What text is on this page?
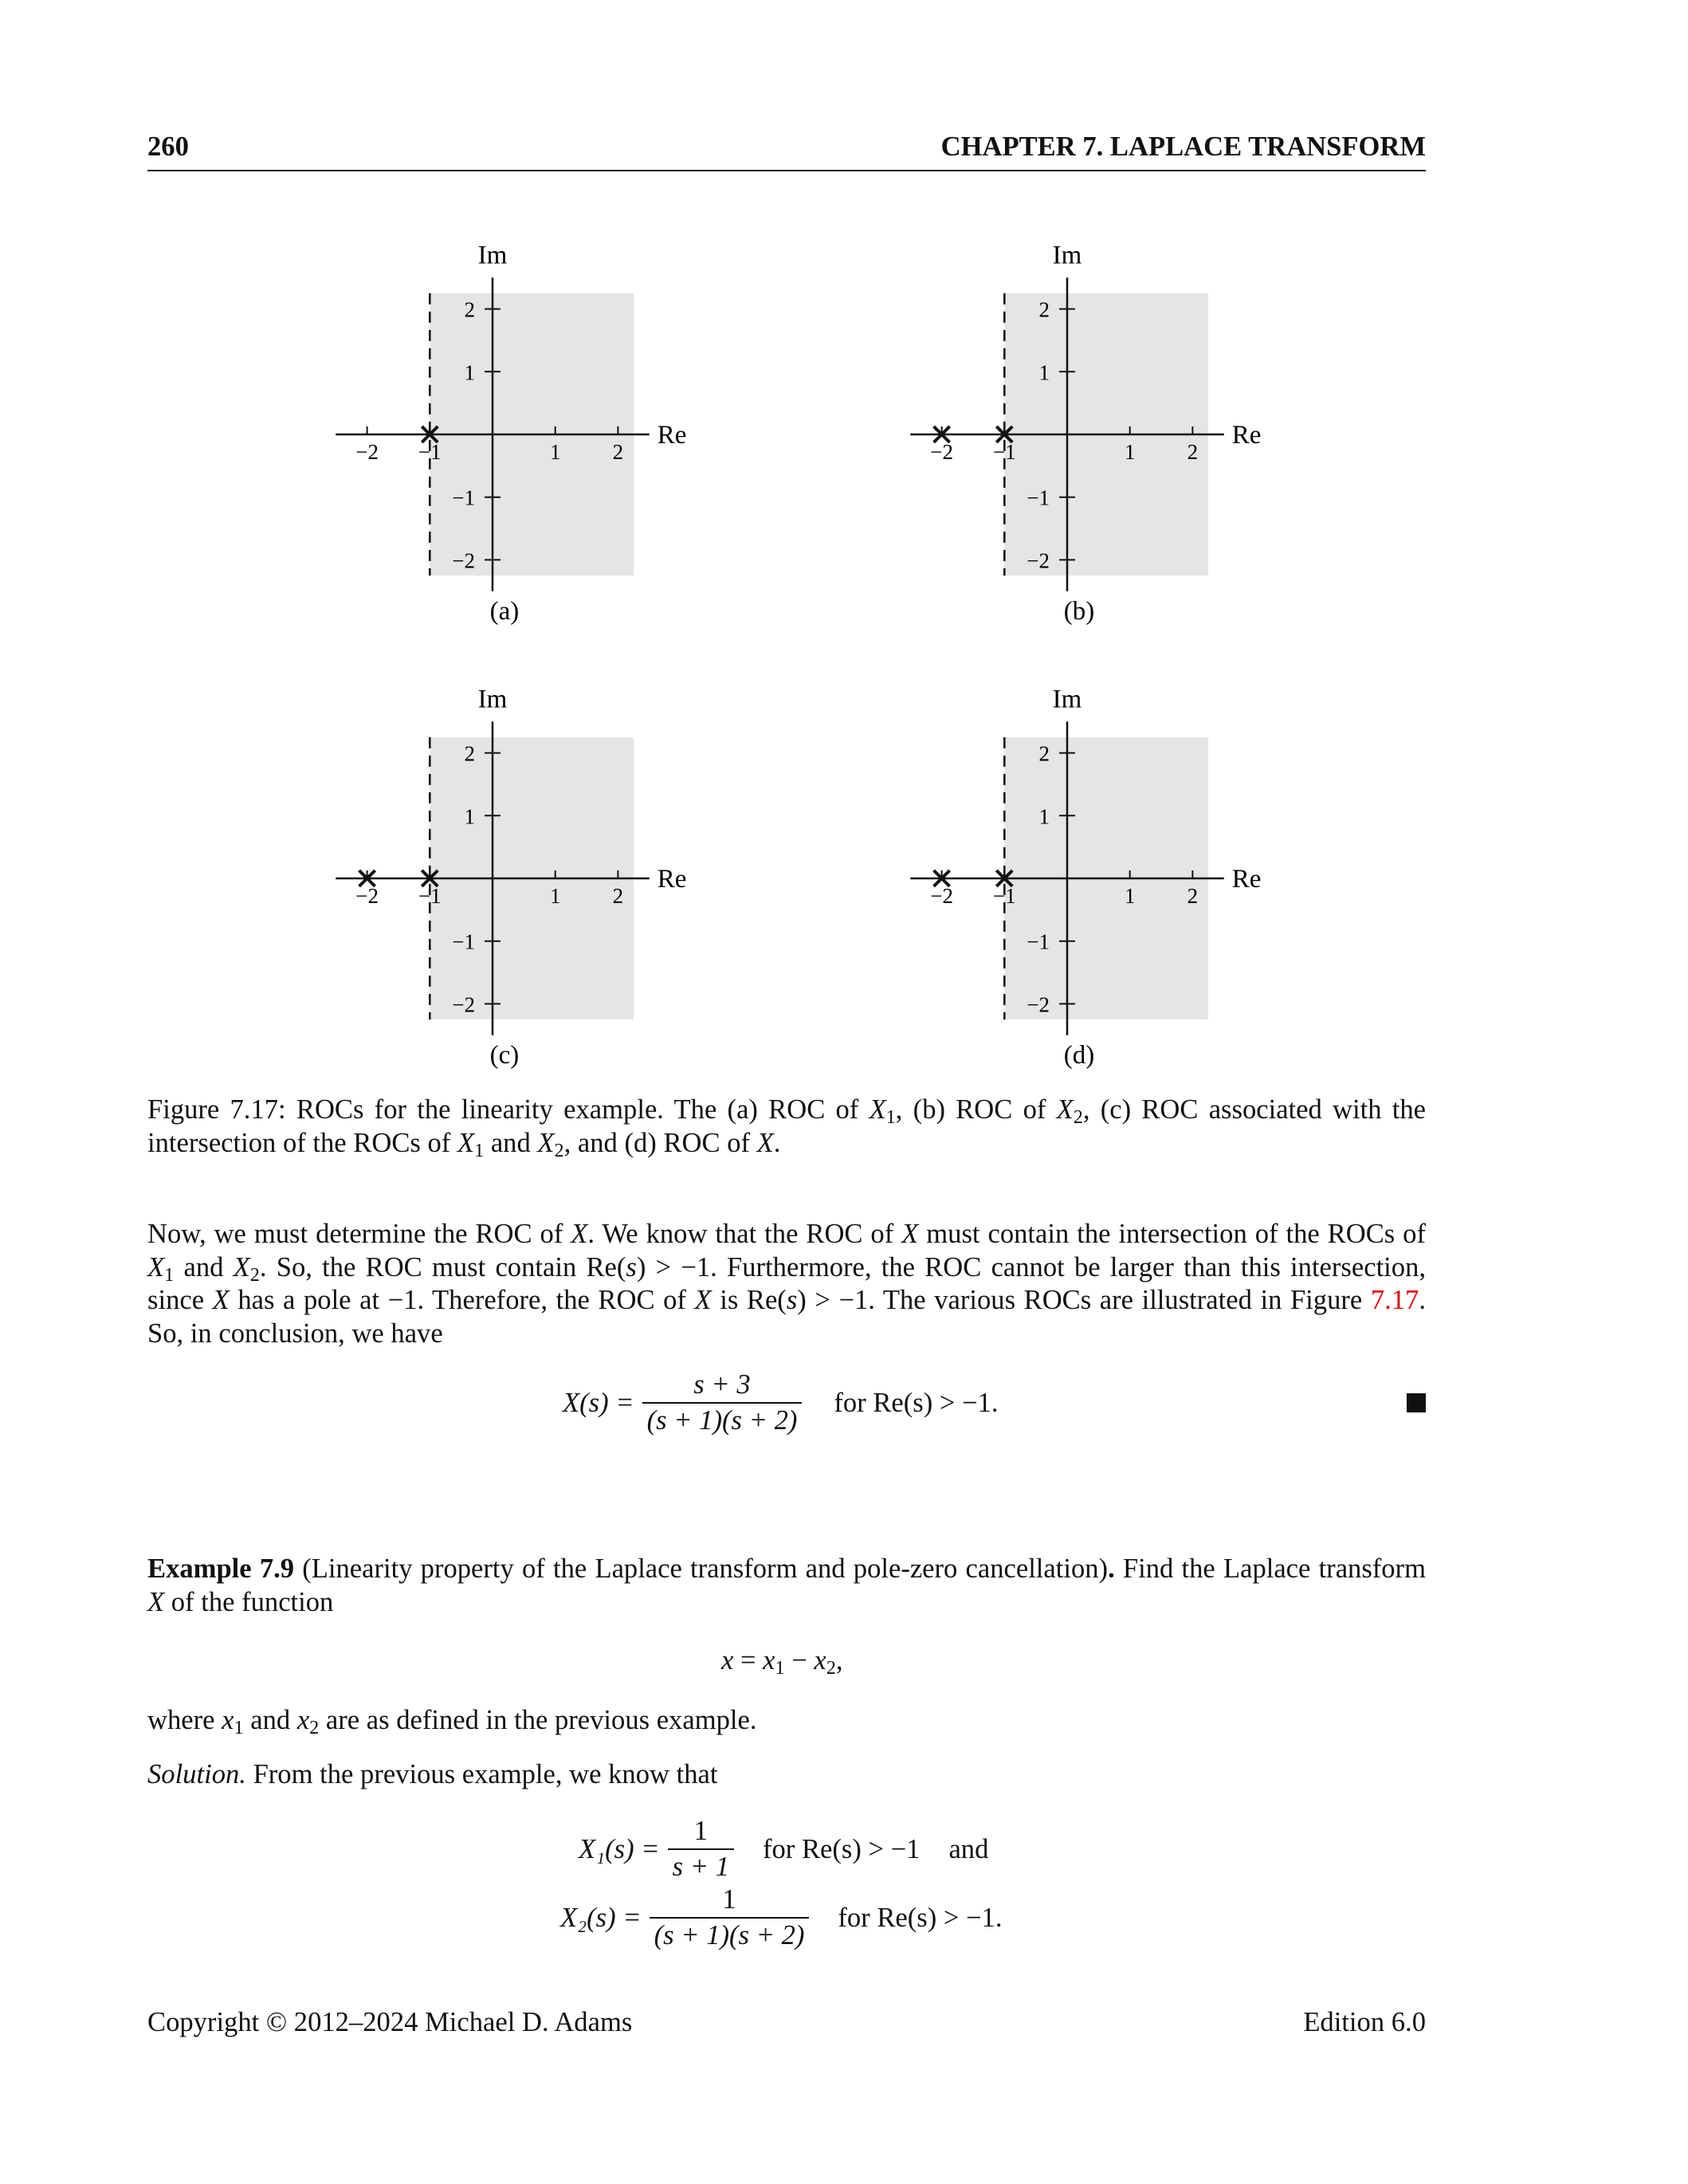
260	CHAPTER 7. LAPLACE TRANSFORM
−2 −1	1 2
2
1
−1
−2
Re
Im
(a)
−2 −1	1 2
2
1
−1
−2
Re
Im
(b)
−2 −1	1 2
2
1
−1
−2
Re
Im
(c)
−2 −1	1 2
2
1
−1
−2
Re
Im
(d)
Figure 7.17: ROCs for the linearity example. The (a) ROC of $X_1$, (b) ROC of $X_2$, (c) ROC associated with the intersection of the ROCs of $X_1$ and $X_2$, and (d) ROC of X.
Now, we must determine the ROC of X. We know that the ROC of X must contain the intersection of the ROCs of $X_1$ and $X_2$. So, the ROC must contain Re(s) > −1. Furthermore, the ROC cannot be larger than this intersection, since X has a pole at −1. Therefore, the ROC of X is Re(s) > −1. The various ROCs are illustrated in Figure 7.17. So, in conclusion, we have
$X(s) = \frac{s + 3}{(s + 1)(s + 2)}$ for Re(s) > −1.
Example 7.9 (Linearity property of the Laplace transform and pole-zero cancellation). Find the Laplace transform X of the function
$x = x_1 - x_2$,
where $x_1$ and $x_2$ are as defined in the previous example.
Solution. From the previous example, we know that
$X_1(s) = \frac{1}{s + 1}$ for Re(s) > −1 and
$X_2(s) = \frac{1}{(s + 1)(s + 2)}$ for Re(s) > −1.
Copyright © 2012–2024 Michael D. Adams	Edition 6.0
